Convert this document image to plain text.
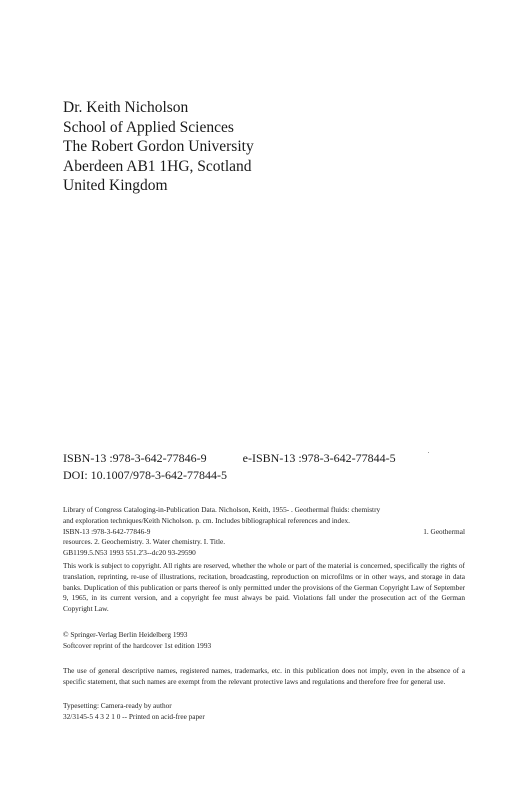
Dr. Keith Nicholson
School of Applied Sciences
The Robert Gordon University
Aberdeen AB1 1HG, Scotland
United Kingdom
ISBN-13 :978-3-642-77846-9	e-ISBN-13 :978-3-642-77844-5
DOI: 10.1007/978-3-642-77844-5
Library of Congress Cataloging-in-Publication Data. Nicholson, Keith, 1955- . Geothermal fluids: chemistry
and exploration techniques/Keith Nicholson. p. cm. Includes bibliographical references and index.
ISBN-13 :978-3-642-77846-9	1. Geothermal
resources. 2. Geochemistry. 3. Water chemistry. I. Title.
GB1199.5.N53 1993 551.2'3--dc20 93-29590
This work is subject to copyright. All rights are reserved, whether the whole or part of the material is concerned, specifically the rights of translation, reprinting, re-use of illustrations, recitation, broadcasting, reproduction on microfilms or in other ways, and storage in data banks. Duplication of this publication or parts thereof is only permitted under the provisions of the German Copyright Law of September 9, 1965, in its current version, and a copyright fee must always be paid. Violations fall under the prosecution act of the German Copyright Law.
© Springer-Verlag Berlin Heidelberg 1993
Softcover reprint of the hardcover 1st edition 1993
The use of general descriptive names, registered names, trademarks, etc. in this publication does not imply, even in the absence of a specific statement, that such names are exempt from the relevant protective laws and regulations and therefore free for general use.
Typesetting: Camera-ready by author
32/3145-5 4 3 2 1 0 -- Printed on acid-free paper
